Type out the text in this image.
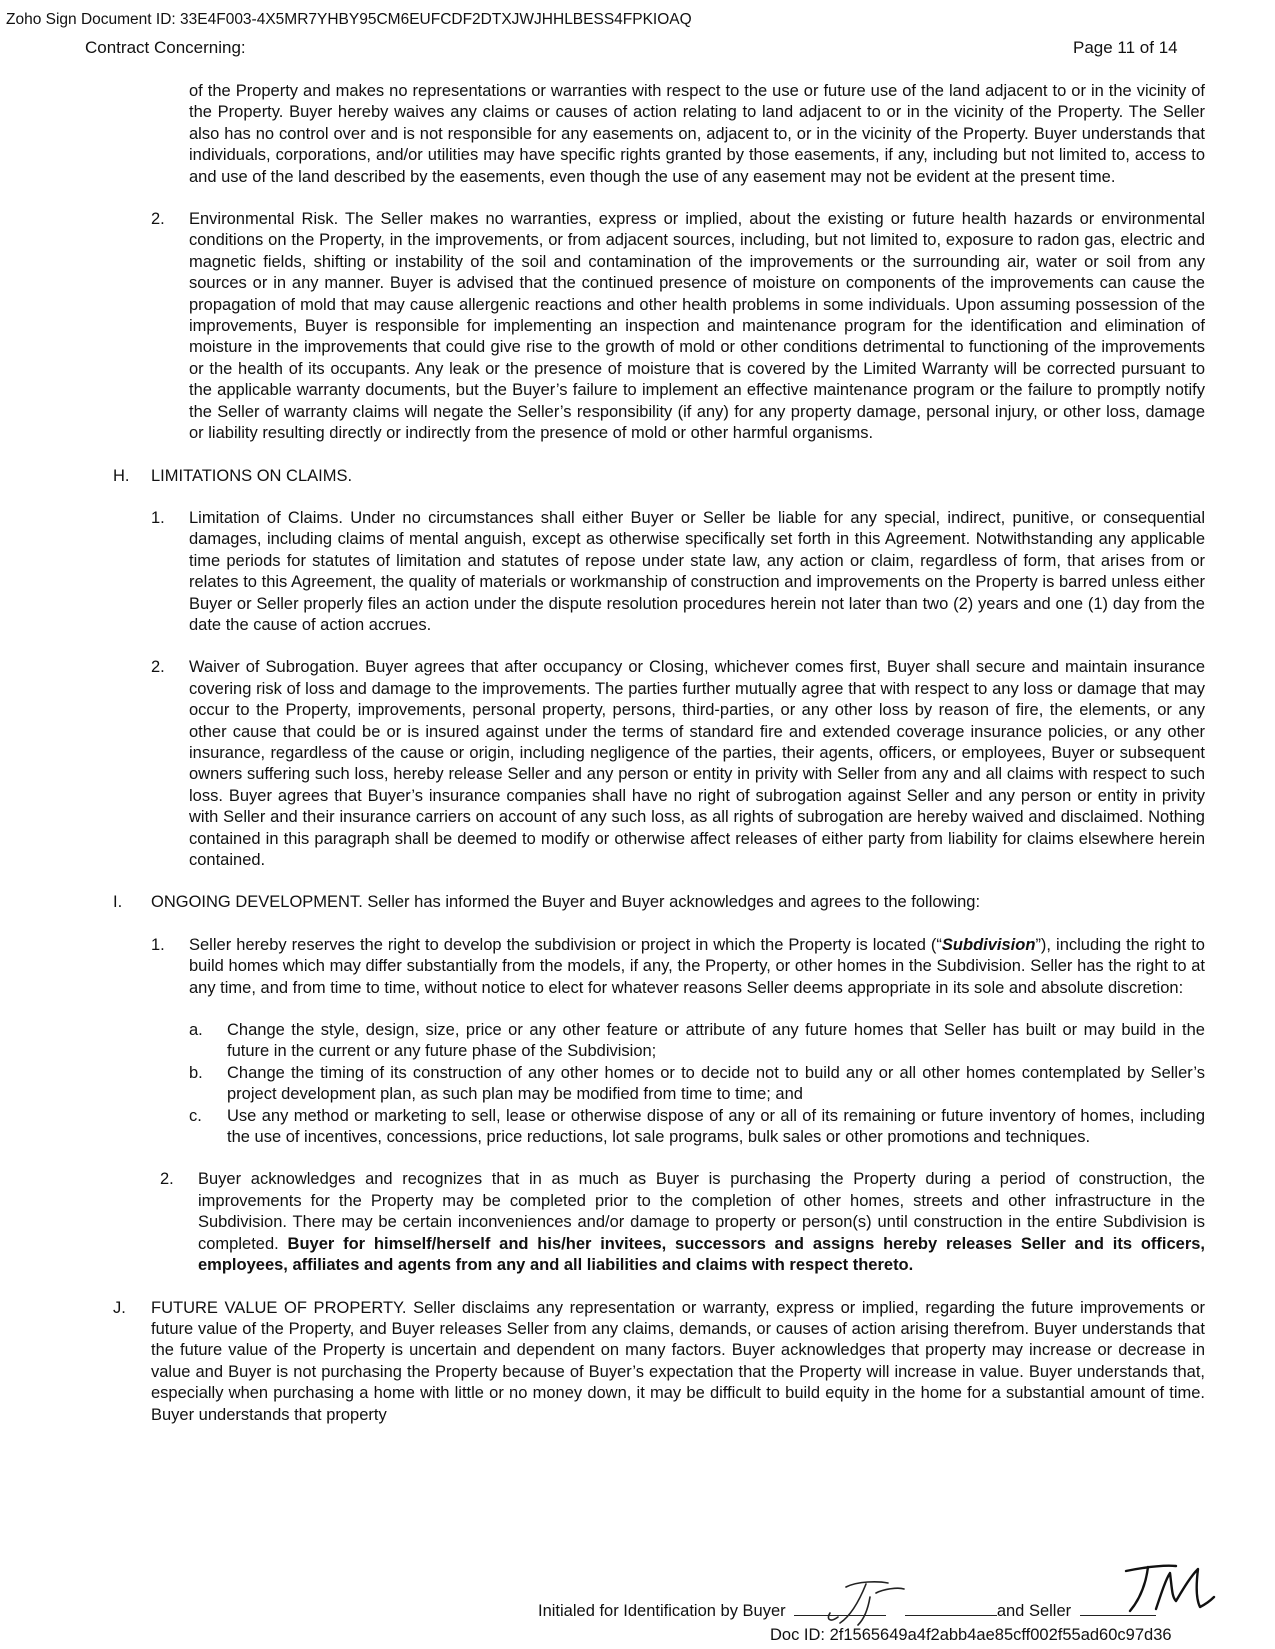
Zoho Sign Document ID: 33E4F003-4X5MR7YHBY95CM6EUFCDF2DTXJWJHHLBESS4FPKIOAQ
Contract Concerning:	Page 11 of 14

of the Property and makes no representations or warranties with respect to the use or future use of the land adjacent to or in the vicinity of the Property. Buyer hereby waives any claims or causes of action relating to land adjacent to or in the vicinity of the Property. The Seller also has no control over and is not responsible for any easements on, adjacent to, or in the vicinity of the Property. Buyer understands that individuals, corporations, and/or utilities may have specific rights granted by those easements, if any, including but not limited to, access to and use of the land described by the easements, even though the use of any easement may not be evident at the present time.

2. Environmental Risk. The Seller makes no warranties, express or implied, about the existing or future health hazards or environmental conditions on the Property, in the improvements, or from adjacent sources, including, but not limited to, exposure to radon gas, electric and magnetic fields, shifting or instability of the soil and contamination of the improvements or the surrounding air, water or soil from any sources or in any manner. Buyer is advised that the continued presence of moisture on components of the improvements can cause the propagation of mold that may cause allergenic reactions and other health problems in some individuals. Upon assuming possession of the improvements, Buyer is responsible for implementing an inspection and maintenance program for the identification and elimination of moisture in the improvements that could give rise to the growth of mold or other conditions detrimental to functioning of the improvements or the health of its occupants. Any leak or the presence of moisture that is covered by the Limited Warranty will be corrected pursuant to the applicable warranty documents, but the Buyer’s failure to implement an effective maintenance program or the failure to promptly notify the Seller of warranty claims will negate the Seller’s responsibility (if any) for any property damage, personal injury, or other loss, damage or liability resulting directly or indirectly from the presence of mold or other harmful organisms.

H. LIMITATIONS ON CLAIMS.

1. Limitation of Claims. Under no circumstances shall either Buyer or Seller be liable for any special, indirect, punitive, or consequential damages, including claims of mental anguish, except as otherwise specifically set forth in this Agreement. Notwithstanding any applicable time periods for statutes of limitation and statutes of repose under state law, any action or claim, regardless of form, that arises from or relates to this Agreement, the quality of materials or workmanship of construction and improvements on the Property is barred unless either Buyer or Seller properly files an action under the dispute resolution procedures herein not later than two (2) years and one (1) day from the date the cause of action accrues.

2. Waiver of Subrogation. Buyer agrees that after occupancy or Closing, whichever comes first, Buyer shall secure and maintain insurance covering risk of loss and damage to the improvements. The parties further mutually agree that with respect to any loss or damage that may occur to the Property, improvements, personal property, persons, third-parties, or any other loss by reason of fire, the elements, or any other cause that could be or is insured against under the terms of standard fire and extended coverage insurance policies, or any other insurance, regardless of the cause or origin, including negligence of the parties, their agents, officers, or employees, Buyer or subsequent owners suffering such loss, hereby release Seller and any person or entity in privity with Seller from any and all claims with respect to such loss. Buyer agrees that Buyer’s insurance companies shall have no right of subrogation against Seller and any person or entity in privity with Seller and their insurance carriers on account of any such loss, as all rights of subrogation are hereby waived and disclaimed. Nothing contained in this paragraph shall be deemed to modify or otherwise affect releases of either party from liability for claims elsewhere herein contained.

I. ONGOING DEVELOPMENT. Seller has informed the Buyer and Buyer acknowledges and agrees to the following:

1. Seller hereby reserves the right to develop the subdivision or project in which the Property is located (“Subdivision”), including the right to build homes which may differ substantially from the models, if any, the Property, or other homes in the Subdivision. Seller has the right to at any time, and from time to time, without notice to elect for whatever reasons Seller deems appropriate in its sole and absolute discretion:

a. Change the style, design, size, price or any other feature or attribute of any future homes that Seller has built or may build in the future in the current or any future phase of the Subdivision;

b. Change the timing of its construction of any other homes or to decide not to build any or all other homes contemplated by Seller’s project development plan, as such plan may be modified from time to time; and

c. Use any method or marketing to sell, lease or otherwise dispose of any or all of its remaining or future inventory of homes, including the use of incentives, concessions, price reductions, lot sale programs, bulk sales or other promotions and techniques.

2. Buyer acknowledges and recognizes that in as much as Buyer is purchasing the Property during a period of construction, the improvements for the Property may be completed prior to the completion of other homes, streets and other infrastructure in the Subdivision. There may be certain inconveniences and/or damage to property or person(s) until construction in the entire Subdivision is completed. Buyer for himself/herself and his/her invitees, successors and assigns hereby releases Seller and its officers, employees, affiliates and agents from any and all liabilities and claims with respect thereto.

J. FUTURE VALUE OF PROPERTY. Seller disclaims any representation or warranty, express or implied, regarding the future improvements or future value of the Property, and Buyer releases Seller from any claims, demands, or causes of action arising therefrom. Buyer understands that the future value of the Property is uncertain and dependent on many factors. Buyer acknowledges that property may increase or decrease in value and Buyer is not purchasing the Property because of Buyer’s expectation that the Property will increase in value. Buyer understands that, especially when purchasing a home with little or no money down, it may be difficult to build equity in the home for a substantial amount of time. Buyer understands that property

Initialed for Identification by Buyer	and Seller
Doc ID: 2f1565649a4f2abb4ae85cff002f55ad60c97d36
